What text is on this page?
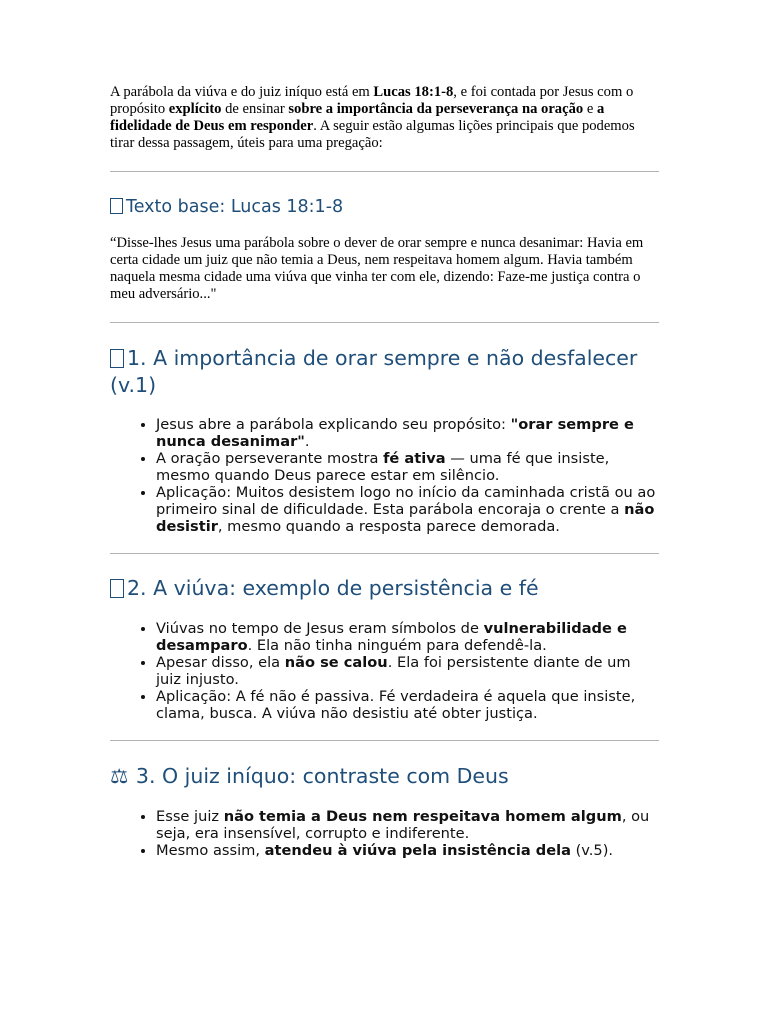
A parábola da viúva e do juiz iníquo está em Lucas 18:1-8, e foi contada por Jesus com o propósito explícito de ensinar sobre a importância da perseverança na oração e a fidelidade de Deus em responder. A seguir estão algumas lições principais que podemos tirar dessa passagem, úteis para uma pregação:

Texto base: Lucas 18:1-8

“Disse-lhes Jesus uma parábola sobre o dever de orar sempre e nunca desanimar: Havia em certa cidade um juiz que não temia a Deus, nem respeitava homem algum. Havia também naquela mesma cidade uma viúva que vinha ter com ele, dizendo: Faze-me justiça contra o meu adversário..."

1. A importância de orar sempre e não desfalecer (v.1)
• Jesus abre a parábola explicando seu propósito: "orar sempre e nunca desanimar".
• A oração perseverante mostra fé ativa — uma fé que insiste, mesmo quando Deus parece estar em silêncio.
• Aplicação: Muitos desistem logo no início da caminhada cristã ou ao primeiro sinal de dificuldade. Esta parábola encoraja o crente a não desistir, mesmo quando a resposta parece demorada.
2. A viúva: exemplo de persistência e fé
• Viúvas no tempo de Jesus eram símbolos de vulnerabilidade e desamparo. Ela não tinha ninguém para defendê-la.
• Apesar disso, ela não se calou. Ela foi persistente diante de um juiz injusto.
• Aplicação: A fé não é passiva. Fé verdadeira é aquela que insiste, clama, busca. A viúva não desistiu até obter justiça.
⚖ 3. O juiz iníquo: contraste com Deus
• Esse juiz não temia a Deus nem respeitava homem algum, ou seja, era insensível, corrupto e indiferente.
• Mesmo assim, atendeu à viúva pela insistência dela (v.5).
